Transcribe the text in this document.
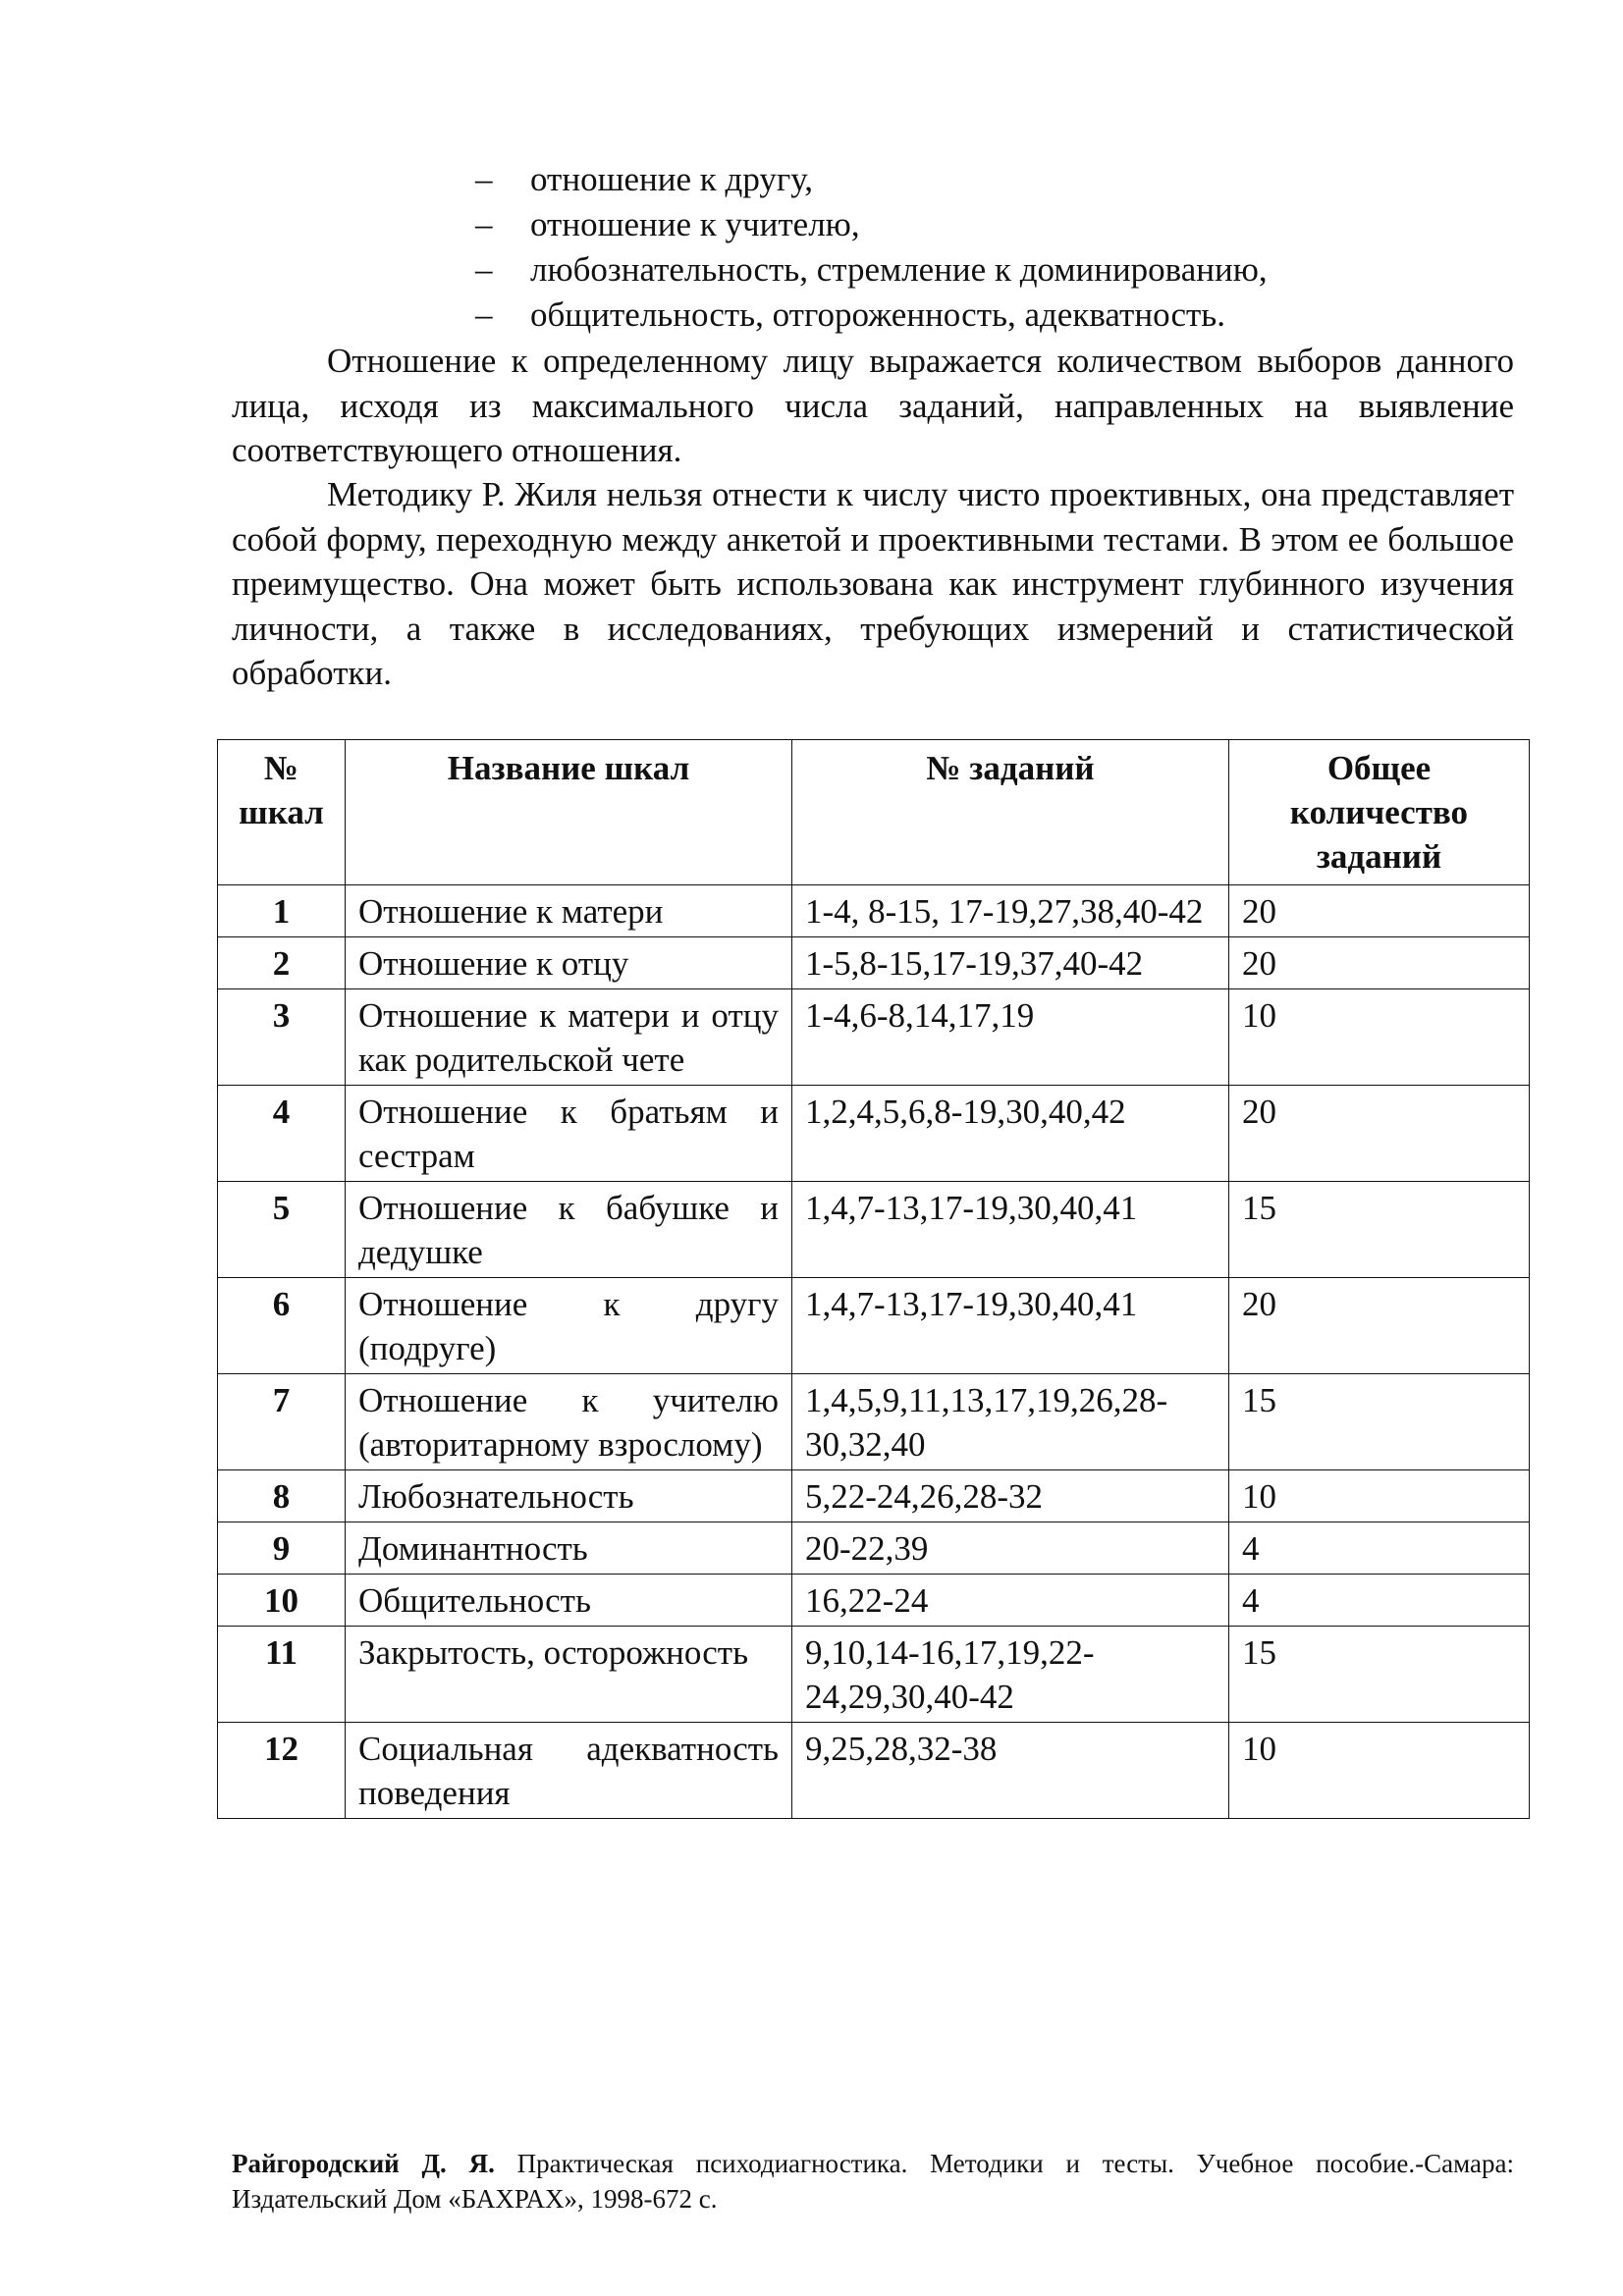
– отношение к другу,
– отношение к учителю,
– любознательность, стремление к доминированию,
– общительность, отгороженность, адекватность.

Отношение к определенному лицу выражается количеством выборов данного лица, исходя из максимального числа заданий, направленных на выявление соответствующего отношения.

Методику Р. Жиля нельзя отнести к числу чисто проективных, она представляет собой форму, переходную между анкетой и проективными тестами. В этом ее большое преимущество. Она может быть использована как инструмент глубинного изучения личности, а также в исследованиях, требующих измерений и статистической обработки.

№ шкал	Название шкал	№ заданий	Общее количество заданий
1	Отношение к матери	1-4, 8-15, 17-19,27,38,40-42	20
2	Отношение к отцу	1-5,8-15,17-19,37,40-42	20
3	Отношение к матери и отцу как родительской чете	1-4,6-8,14,17,19	10
4	Отношение к братьям и сестрам	1,2,4,5,6,8-19,30,40,42	20
5	Отношение к бабушке и дедушке	1,4,7-13,17-19,30,40,41	15
6	Отношение к другу (подруге)	1,4,7-13,17-19,30,40,41	20
7	Отношение к учителю (авторитарному взрослому)	1,4,5,9,11,13,17,19,26,28-30,32,40	15
8	Любознательность	5,22-24,26,28-32	10
9	Доминантность	20-22,39	4
10	Общительность	16,22-24	4
11	Закрытость, осторожность	9,10,14-16,17,19,22-24,29,30,40-42	15
12	Социальная адекватность поведения	9,25,28,32-38	10

Райгородский Д. Я. Практическая психодиагностика. Методики и тесты. Учебное пособие.-Самара: Издательский Дом «БАХРАХ», 1998-672 с.
